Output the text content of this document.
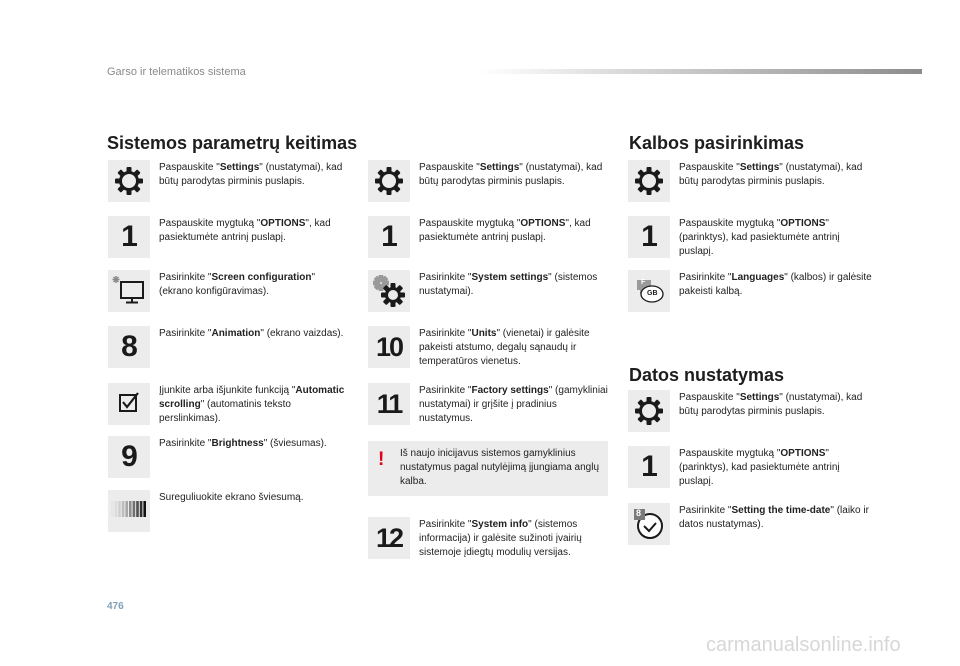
Garso ir telematikos sistema
Sistemos parametrų keitimas	Kalbos pasirinkimas
Datos nustatymas
Paspauskite "Settings" (nustatymai), kad būtų parodytas pirminis puslapis.
1 Paspauskite mygtuką "OPTIONS", kad pasiektumėte antrinį puslapį.
Pasirinkite "Screen configuration" (ekrano konfigūravimas).
8 Pasirinkite "Animation" (ekrano vaizdas).
Įjunkite arba išjunkite funkciją "Automatic scrolling" (automatinis teksto perslinkimas).
9 Pasirinkite "Brightness" (šviesumas).
Sureguliuokite ekrano šviesumą.
Paspauskite "Settings" (nustatymai), kad būtų parodytas pirminis puslapis.
1 Paspauskite mygtuką "OPTIONS", kad pasiektumėte antrinį puslapį.
Pasirinkite "System settings" (sistemos nustatymai).
10 Pasirinkite "Units" (vienetai) ir galėsite pakeisti atstumo, degalų sąnaudų ir temperatūros vienetus.
11 Pasirinkite "Factory settings" (gamykliniai nustatymai) ir grįšite į pradinius nustatymus.
12 Pasirinkite "System info" (sistemos informacija) ir galėsite sužinoti įvairių sistemoje įdiegtų modulių versijas.
Paspauskite "Settings" (nustatymai), kad būtų parodytas pirminis puslapis.
1 Paspauskite mygtuką "OPTIONS" (parinktys), kad pasiektumėte antrinį puslapį.
F
GB
Pasirinkite "Languages" (kalbos) ir galėsite pakeisti kalbą.
Paspauskite "Settings" (nustatymai), kad būtų parodytas pirminis puslapis.
1 Paspauskite mygtuką "OPTIONS" (parinktys), kad pasiektumėte antrinį puslapį.
8	Pasirinkite "Setting the time-date" (laiko ir datos nustatymas).
! Iš naujo inicijavus sistemos gamyklinius nustatymus pagal nutylėjimą įjungiama anglų kalba.
476
carmanualsonline.info
